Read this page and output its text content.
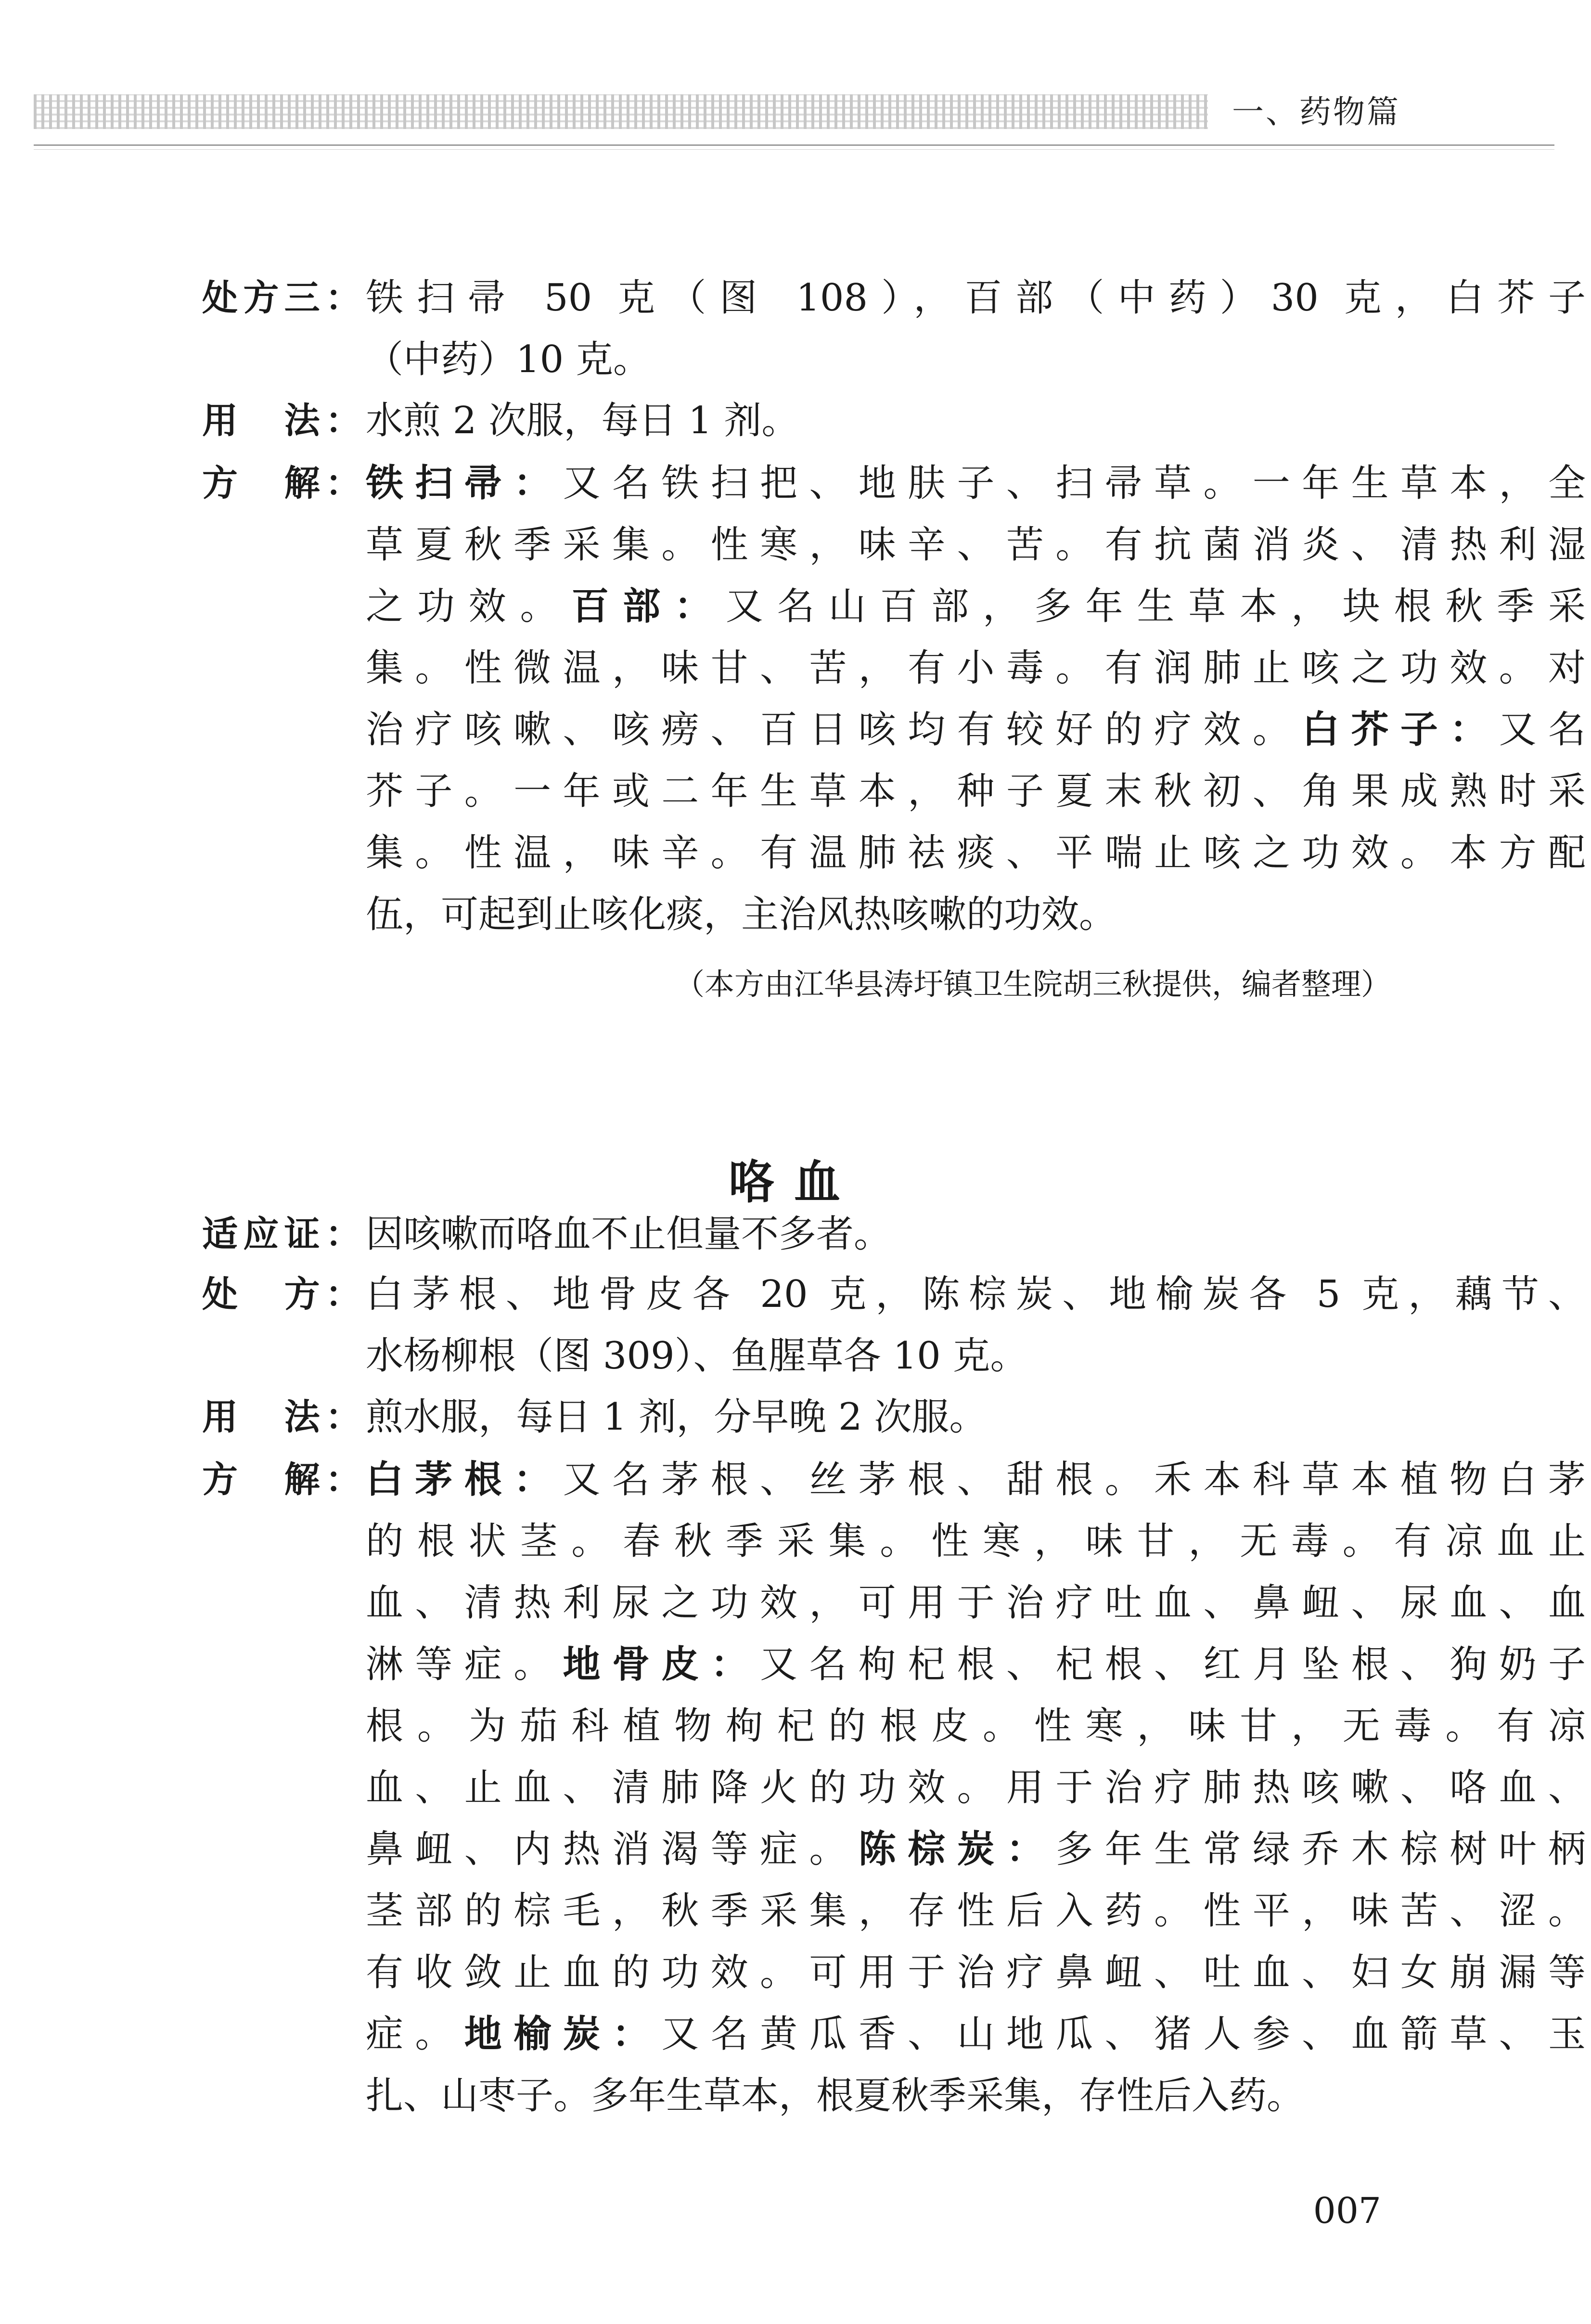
一、药物篇
处方三： 铁扫帚 50 克（图 108），百部（中药）30 克，白芥子

（中药）10 克。

用　法： 水煎 2 次服，每日 1 剂。

方　解： 铁扫帚：又名铁扫把、地肤子、扫帚草。一年生草本，全

草夏秋季采集。性寒，味辛、苦。有抗菌消炎、清热利湿

之功效。百部：又名山百部，多年生草本，块根秋季采

集。性微温，味甘、苦，有小毒。有润肺止咳之功效。对

治疗咳嗽、咳痨、百日咳均有较好的疗效。白芥子：又名

芥子。一年或二年生草本，种子夏末秋初、角果成熟时采

集。性温，味辛。有温肺祛痰、平喘止咳之功效。本方配

伍，可起到止咳化痰，主治风热咳嗽的功效。

（本方由江华县涛圩镇卫生院胡三秋提供，编者整理）
咯血
适应证： 因咳嗽而咯血不止但量不多者。

处　方： 白茅根、地骨皮各 20 克，陈棕炭、地榆炭各 5 克，藕节、

水杨柳根（图 309）、鱼腥草各 10 克。

用　法： 煎水服，每日 1 剂，分早晚 2 次服。

方　解： 白茅根：又名茅根、丝茅根、甜根。禾本科草本植物白茅

的根状茎。春秋季采集。性寒，味甘，无毒。有凉血止

血、清热利尿之功效，可用于治疗吐血、鼻衄、尿血、血

淋等症。地骨皮：又名枸杞根、杞根、红月坠根、狗奶子

根。为茄科植物枸杞的根皮。性寒，味甘，无毒。有凉

血、止血、清肺降火的功效。用于治疗肺热咳嗽、咯血、

鼻衄、内热消渴等症。陈棕炭：多年生常绿乔木棕树叶柄

茎部的棕毛，秋季采集，存性后入药。性平，味苦、涩。

有收敛止血的功效。可用于治疗鼻衄、吐血、妇女崩漏等

症。地榆炭：又名黄瓜香、山地瓜、猪人参、血箭草、玉

扎、山枣子。多年生草本，根夏秋季采集，存性后入药。

007
